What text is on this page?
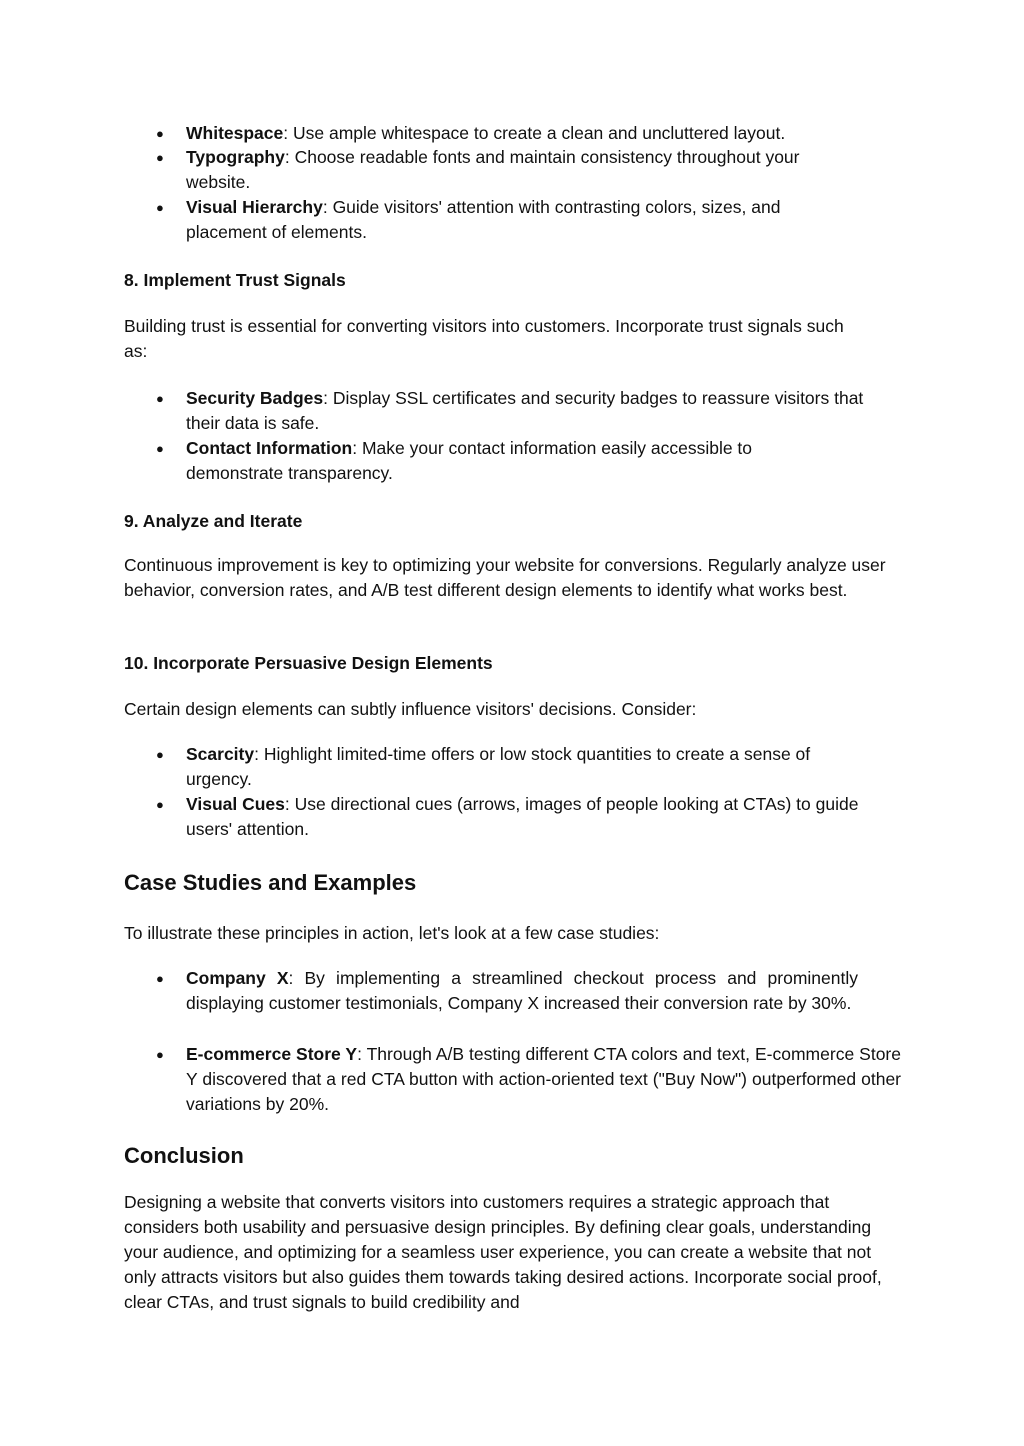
● Whitespace: Use ample whitespace to create a clean and uncluttered layout.
● Typography: Choose readable fonts and maintain consistency throughout your website.
● Visual Hierarchy: Guide visitors' attention with contrasting colors, sizes, and placement of elements.

8. Implement Trust Signals

Building trust is essential for converting visitors into customers. Incorporate trust signals such as:

● Security Badges: Display SSL certificates and security badges to reassure visitors that their data is safe.
● Contact Information: Make your contact information easily accessible to demonstrate transparency.

9. Analyze and Iterate

Continuous improvement is key to optimizing your website for conversions. Regularly analyze user behavior, conversion rates, and A/B test different design elements to identify what works best.

10. Incorporate Persuasive Design Elements

Certain design elements can subtly influence visitors' decisions. Consider:

● Scarcity: Highlight limited-time offers or low stock quantities to create a sense of urgency.
● Visual Cues: Use directional cues (arrows, images of people looking at CTAs) to guide users' attention.
Case Studies and Examples

To illustrate these principles in action, let's look at a few case studies:

● Company X: By implementing a streamlined checkout process and prominently displaying customer testimonials, Company X increased their conversion rate by 30%.
● E-commerce Store Y: Through A/B testing different CTA colors and text, E-commerce Store Y discovered that a red CTA button with action-oriented text ("Buy Now") outperformed other variations by 20%.
Conclusion

Designing a website that converts visitors into customers requires a strategic approach that considers both usability and persuasive design principles. By defining clear goals, understanding your audience, and optimizing for a seamless user experience, you can create a website that not only attracts visitors but also guides them towards taking desired actions. Incorporate social proof, clear CTAs, and trust signals to build credibility and
